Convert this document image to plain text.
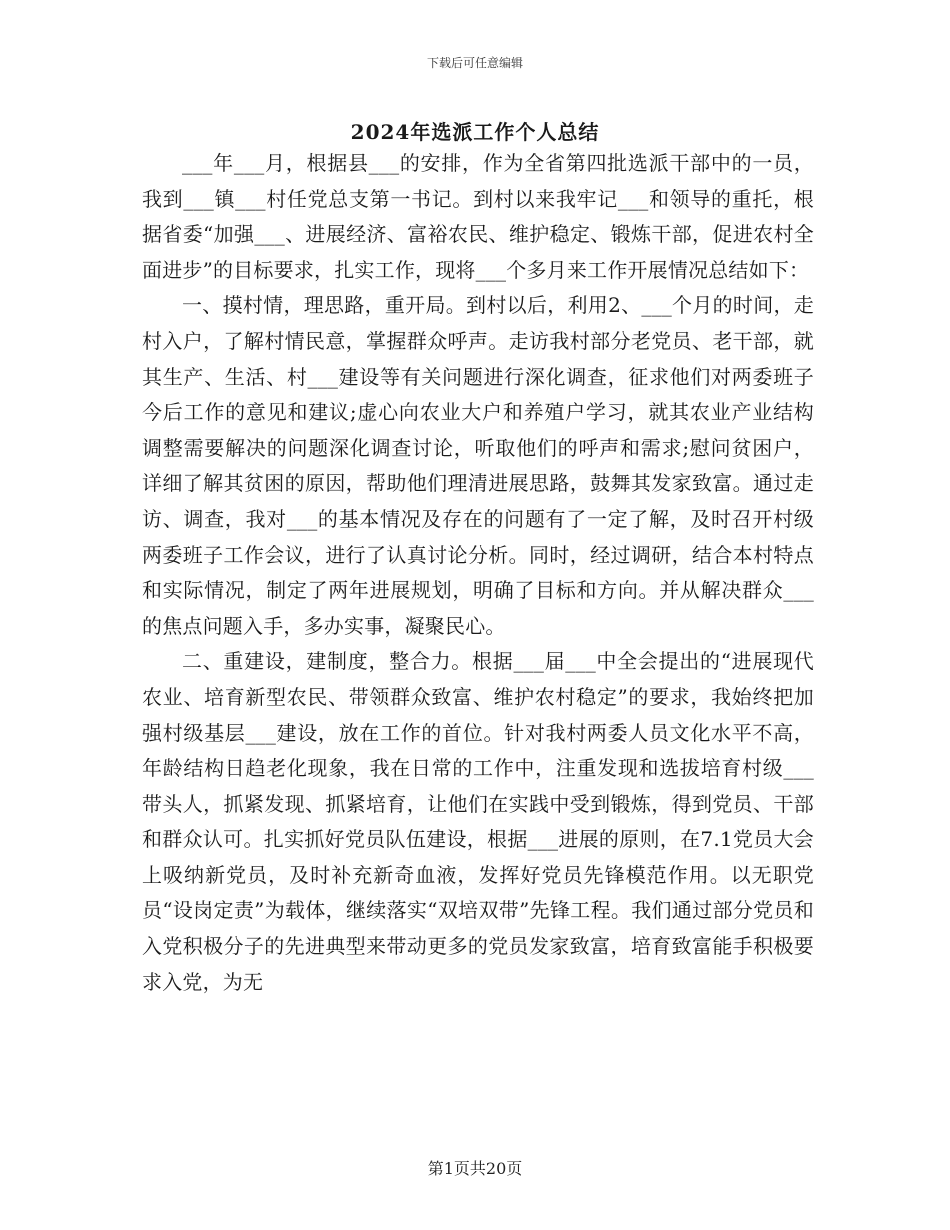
下载后可任意编辑
2024年选派工作个人总结

___年___月，根据县___的安排，作为全省第四批选派干部中的一员，我到___镇___村任党总支第一书记。到村以来我牢记___和领导的重托，根据省委“加强___、进展经济、富裕农民、维护稳定、锻炼干部，促进农村全面进步”的目标要求，扎实工作，现将___个多月来工作开展情况总结如下：

一、摸村情，理思路，重开局。到村以后，利用2、___个月的时间，走村入户，了解村情民意，掌握群众呼声。走访我村部分老党员、老干部，就其生产、生活、村___建设等有关问题进行深化调查，征求他们对两委班子今后工作的意见和建议;虚心向农业大户和养殖户学习，就其农业产业结构调整需要解决的问题深化调查讨论，听取他们的呼声和需求;慰问贫困户，详细了解其贫困的原因，帮助他们理清进展思路，鼓舞其发家致富。通过走访、调查，我对___的基本情况及存在的问题有了一定了解，及时召开村级两委班子工作会议，进行了认真讨论分析。同时，经过调研，结合本村特点和实际情况，制定了两年进展规划，明确了目标和方向。并从解决群众___的焦点问题入手，多办实事，凝聚民心。

二、重建设，建制度，整合力。根据___届___中全会提出的“进展现代农业、培育新型农民、带领群众致富、维护农村稳定”的要求，我始终把加强村级基层___建设，放在工作的首位。针对我村两委人员文化水平不高，年龄结构日趋老化现象，我在日常的工作中，注重发现和选拔培育村级___带头人，抓紧发现、抓紧培育，让他们在实践中受到锻炼，得到党员、干部和群众认可。扎实抓好党员队伍建设，根据___进展的原则，在7.1党员大会上吸纳新党员，及时补充新奇血液，发挥好党员先锋模范作用。以无职党员“设岗定责”为载体，继续落实“双培双带”先锋工程。我们通过部分党员和入党积极分子的先进典型来带动更多的党员发家致富，培育致富能手积极要求入党，为无

第1页共20页
